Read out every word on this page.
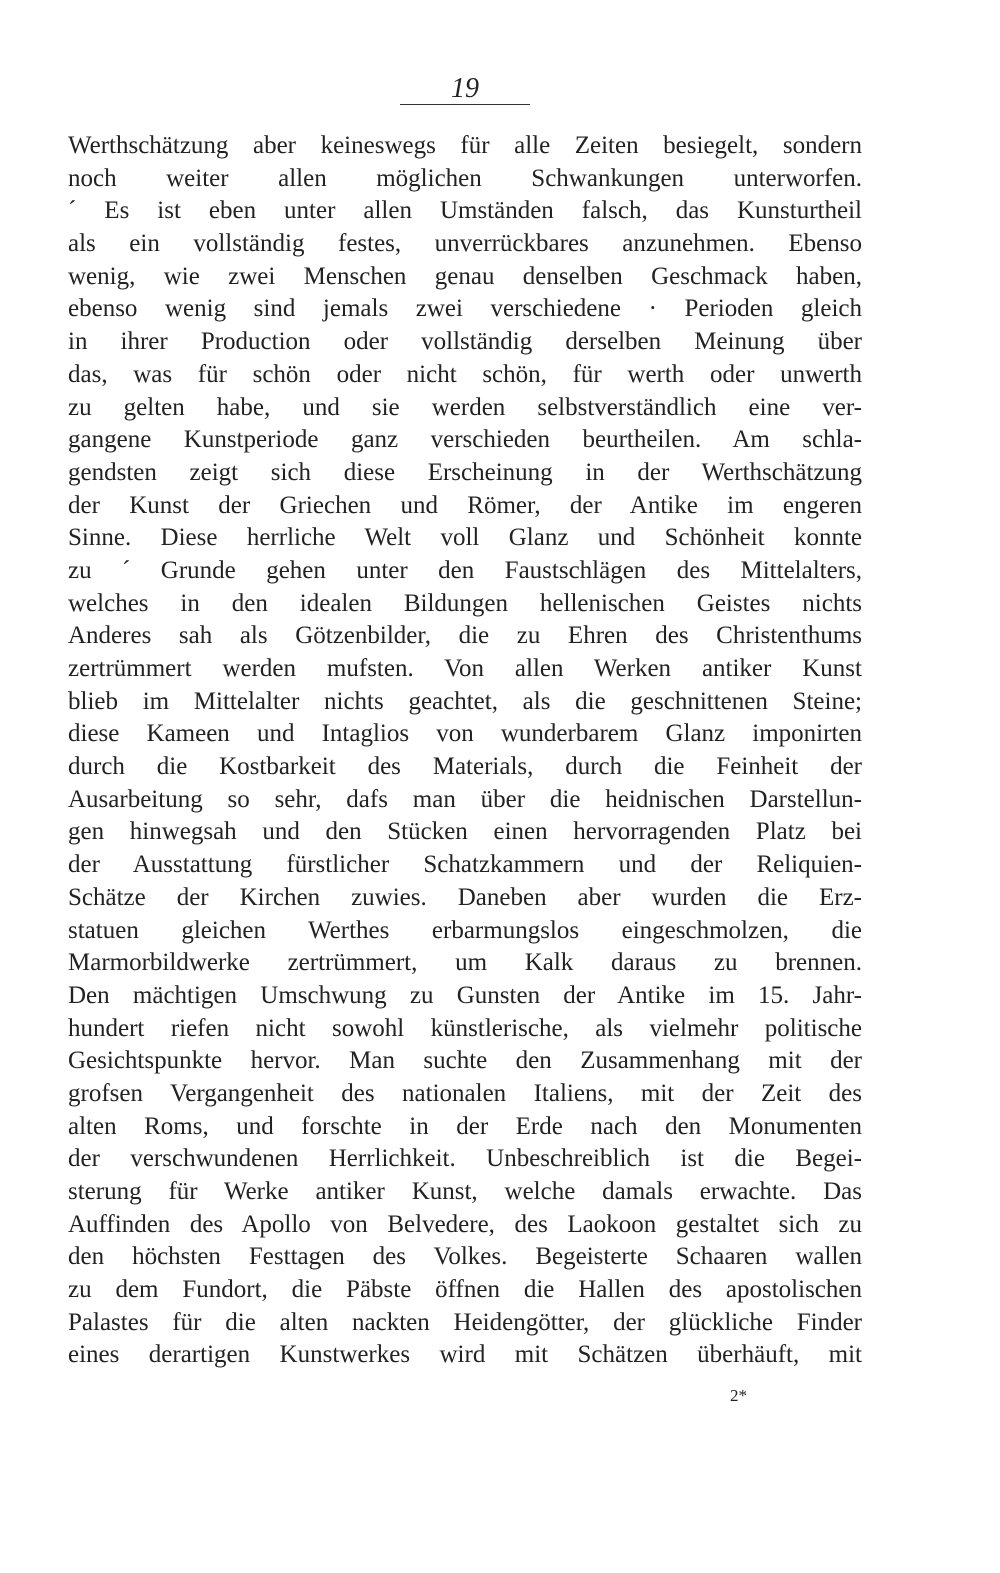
19
Werthschätzung aber keineswegs für alle Zeiten besiegelt, sondern
noch weiter allen möglichen Schwankungen unterworfen.
´ Es ist eben unter allen Umständen falsch, das Kunsturtheil
als ein vollständig festes, unverrückbares anzunehmen. Ebenso
wenig, wie zwei Menschen genau denselben Geschmack haben,
ebenso wenig sind jemals zwei verschiedene · Perioden gleich
in ihrer Production oder vollständig derselben Meinung über
das, was für schön oder nicht schön, für werth oder unwerth
zu gelten habe, und sie werden selbstverständlich eine ver-
gangene Kunstperiode ganz verschieden beurtheilen. Am schla-
gendsten zeigt sich diese Erscheinung in der Werthschätzung
der Kunst der Griechen und Römer, der Antike im engeren
Sinne. Diese herrliche Welt voll Glanz und Schönheit konnte
zu ´ Grunde gehen unter den Faustschlägen des Mittelalters,
welches in den idealen Bildungen hellenischen Geistes nichts
Anderes sah als Götzenbilder, die zu Ehren des Christenthums
zertrümmert werden mufsten. Von allen Werken antiker Kunst
blieb im Mittelalter nichts geachtet, als die geschnittenen Steine;
diese Kameen und Intaglios von wunderbarem Glanz imponirten
durch die Kostbarkeit des Materials, durch die Feinheit der
Ausarbeitung so sehr, dafs man über die heidnischen Darstellun-
gen hinwegsah und den Stücken einen hervorragenden Platz bei
der Ausstattung fürstlicher Schatzkammern und der Reliquien-
Schätze der Kirchen zuwies. Daneben aber wurden die Erz-
statuen gleichen Werthes erbarmungslos eingeschmolzen, die
Marmorbildwerke zertrümmert, um Kalk daraus zu brennen.
Den mächtigen Umschwung zu Gunsten der Antike im 15. Jahr-
hundert riefen nicht sowohl künstlerische, als vielmehr politische
Gesichtspunkte hervor. Man suchte den Zusammenhang mit der
grofsen Vergangenheit des nationalen Italiens, mit der Zeit des
alten Roms, und forschte in der Erde nach den Monumenten
der verschwundenen Herrlichkeit. Unbeschreiblich ist die Begei-
sterung für Werke antiker Kunst, welche damals erwachte. Das
Auffinden des Apollo von Belvedere, des Laokoon gestaltet sich zu
den höchsten Festtagen des Volkes. Begeisterte Schaaren wallen
zu dem Fundort, die Päbste öffnen die Hallen des apostolischen
Palastes für die alten nackten Heidengötter, der glückliche Finder
eines derartigen Kunstwerkes wird mit Schätzen überhäuft, mit
2*
